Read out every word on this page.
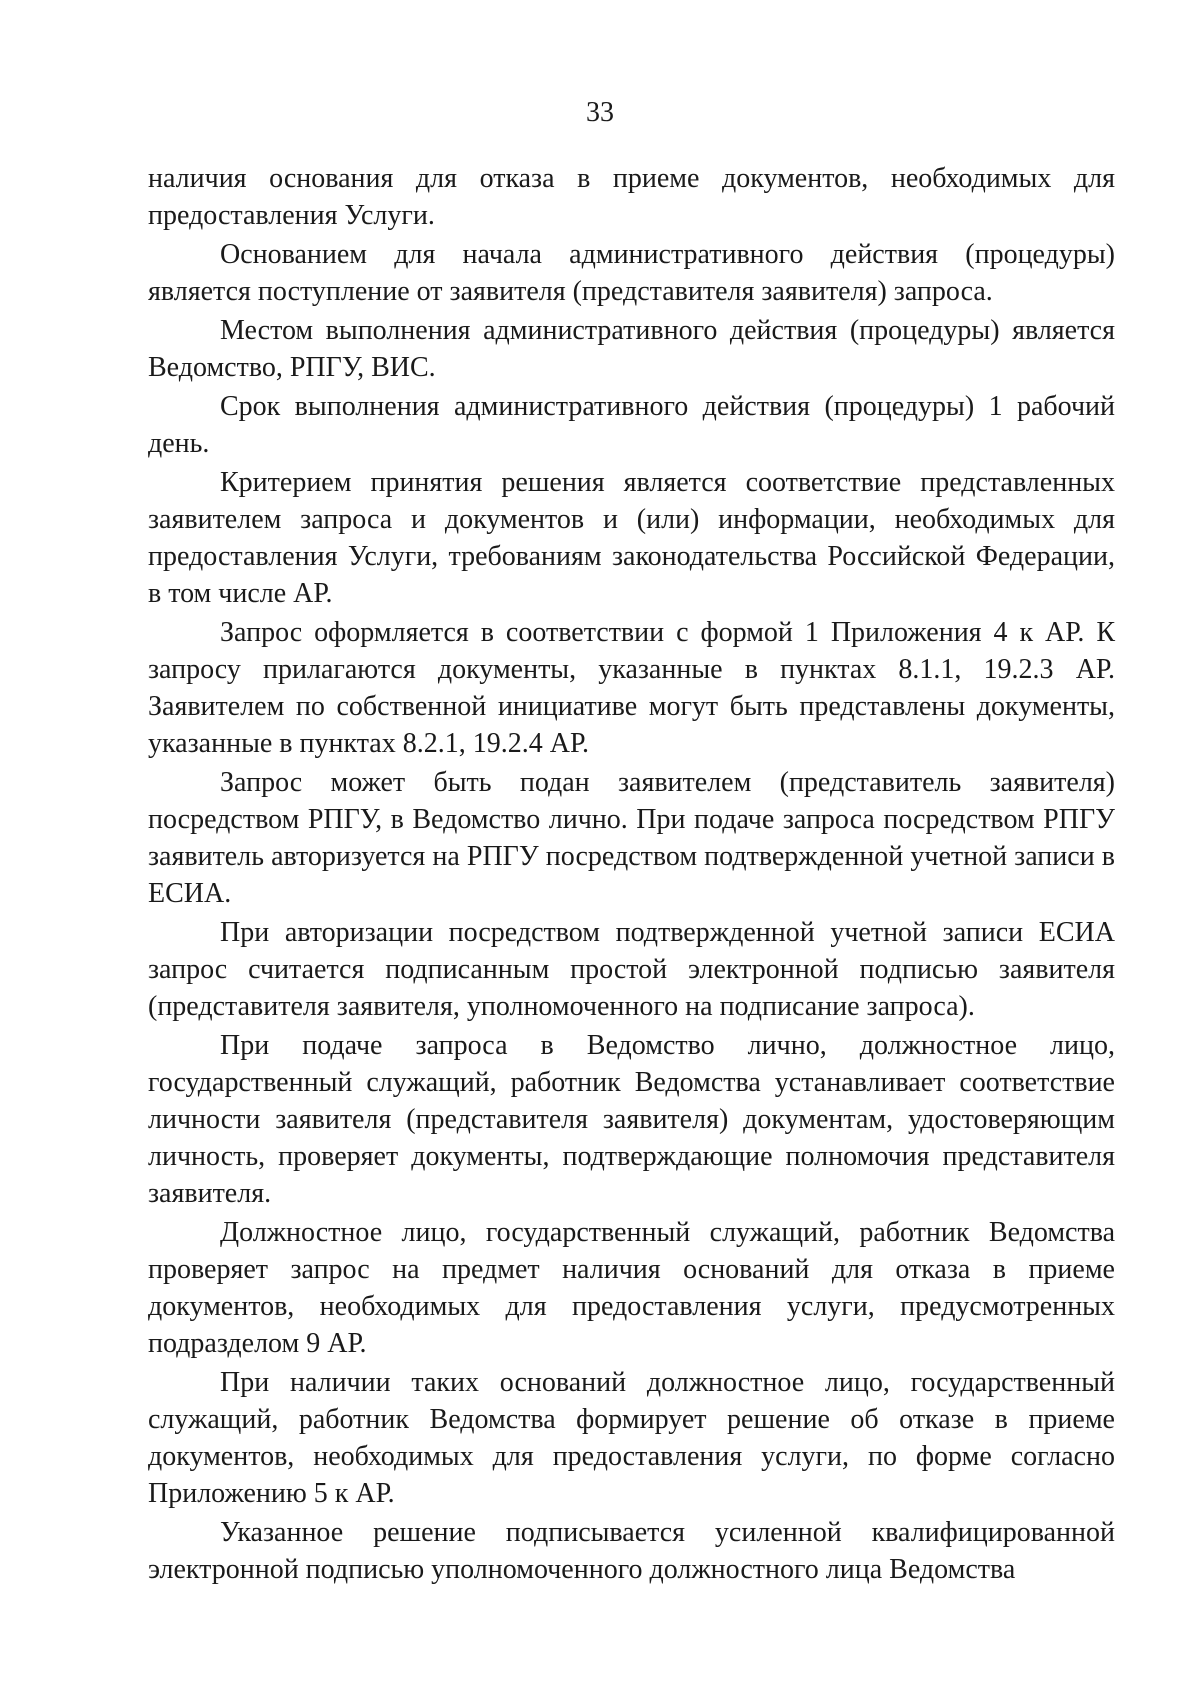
33

наличия основания для отказа в приеме документов, необходимых для предоставления Услуги.

Основанием для начала административного действия (процедуры) является поступление от заявителя (представителя заявителя) запроса.

Местом выполнения административного действия (процедуры) является Ведомство, РПГУ, ВИС.

Срок выполнения административного действия (процедуры) 1 рабочий день.

Критерием принятия решения является соответствие представленных заявителем запроса и документов и (или) информации, необходимых для предоставления Услуги, требованиям законодательства Российской Федерации, в том числе АР.

Запрос оформляется в соответствии с формой 1 Приложения 4 к АР. К запросу прилагаются документы, указанные в пунктах 8.1.1, 19.2.3 АР. Заявителем по собственной инициативе могут быть представлены документы, указанные в пунктах 8.2.1, 19.2.4 АР.

Запрос может быть подан заявителем (представитель заявителя) посредством РПГУ, в Ведомство лично. При подаче запроса посредством РПГУ заявитель авторизуется на РПГУ посредством подтвержденной учетной записи в ЕСИА.

При авторизации посредством подтвержденной учетной записи ЕСИА запрос считается подписанным простой электронной подписью заявителя (представителя заявителя, уполномоченного на подписание запроса).

При подаче запроса в Ведомство лично, должностное лицо, государственный служащий, работник Ведомства устанавливает соответствие личности заявителя (представителя заявителя) документам, удостоверяющим личность, проверяет документы, подтверждающие полномочия представителя заявителя.

Должностное лицо, государственный служащий, работник Ведомства проверяет запрос на предмет наличия оснований для отказа в приеме документов, необходимых для предоставления услуги, предусмотренных подразделом 9 АР.

При наличии таких оснований должностное лицо, государственный служащий, работник Ведомства формирует решение об отказе в приеме документов, необходимых для предоставления услуги, по форме согласно Приложению 5 к АР.

Указанное решение подписывается усиленной квалифицированной электронной подписью уполномоченного должностного лица Ведомства
